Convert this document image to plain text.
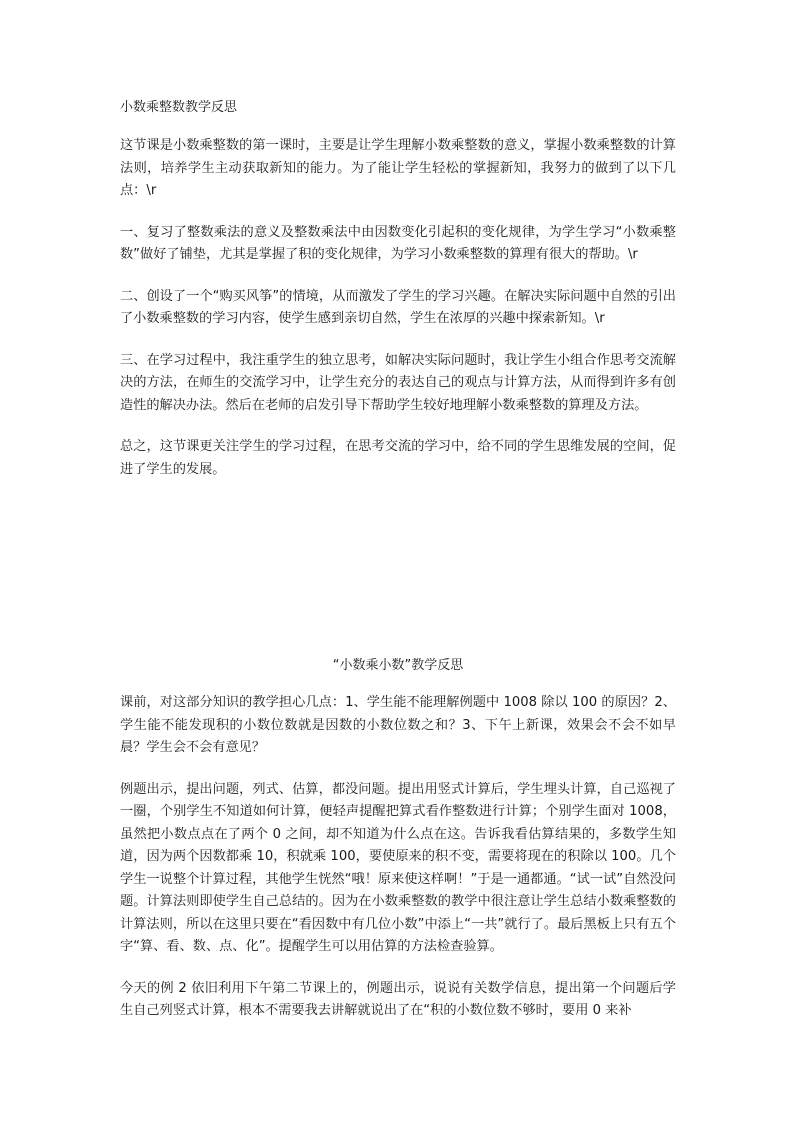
小数乘整数教学反思

这节课是小数乘整数的第一课时，主要是让学生理解小数乘整数的意义，掌握小数乘整数的计算法则，培养学生主动获取新知的能力。为了能让学生轻松的掌握新知，我努力的做到了以下几点：\r

一、复习了整数乘法的意义及整数乘法中由因数变化引起积的变化规律，为学生学习“小数乘整数”做好了铺垫，尤其是掌握了积的变化规律，为学习小数乘整数的算理有很大的帮助。\r

二、创设了一个“购买风筝”的情境，从而激发了学生的学习兴趣。在解决实际问题中自然的引出了小数乘整数的学习内容，使学生感到亲切自然，学生在浓厚的兴趣中探索新知。\r

三、在学习过程中，我注重学生的独立思考，如解决实际问题时，我让学生小组合作思考交流解决的方法，在师生的交流学习中，让学生充分的表达自己的观点与计算方法，从而得到许多有创造性的解决办法。然后在老师的启发引导下帮助学生较好地理解小数乘整数的算理及方法。

总之，这节课更关注学生的学习过程，在思考交流的学习中，给不同的学生思维发展的空间，促进了学生的发展。

“小数乘小数”教学反思

课前，对这部分知识的教学担心几点：1、学生能不能理解例题中 1008 除以 100 的原因？2、学生能不能发现积的小数位数就是因数的小数位数之和？3、下午上新课，效果会不会不如早晨？学生会不会有意见？

例题出示，提出问题，列式、估算，都没问题。提出用竖式计算后，学生埋头计算，自己巡视了一圈，个别学生不知道如何计算，便轻声提醒把算式看作整数进行计算；个别学生面对 1008，虽然把小数点点在了两个 0 之间，却不知道为什么点在这。告诉我看估算结果的，多数学生知道，因为两个因数都乘 10，积就乘 100，要使原来的积不变，需要将现在的积除以 100。几个学生一说整个计算过程，其他学生恍然“哦！原来使这样啊！”于是一通都通。“试一试”自然没问题。计算法则即使学生自己总结的。因为在小数乘整数的教学中很注意让学生总结小数乘整数的计算法则，所以在这里只要在“看因数中有几位小数”中添上“一共”就行了。最后黑板上只有五个字“算、看、数、点、化”。提醒学生可以用估算的方法检查验算。

今天的例 2 依旧利用下午第二节课上的，例题出示，说说有关数学信息，提出第一个问题后学生自己列竖式计算，根本不需要我去讲解就说出了在“积的小数位数不够时，要用 0 来补
